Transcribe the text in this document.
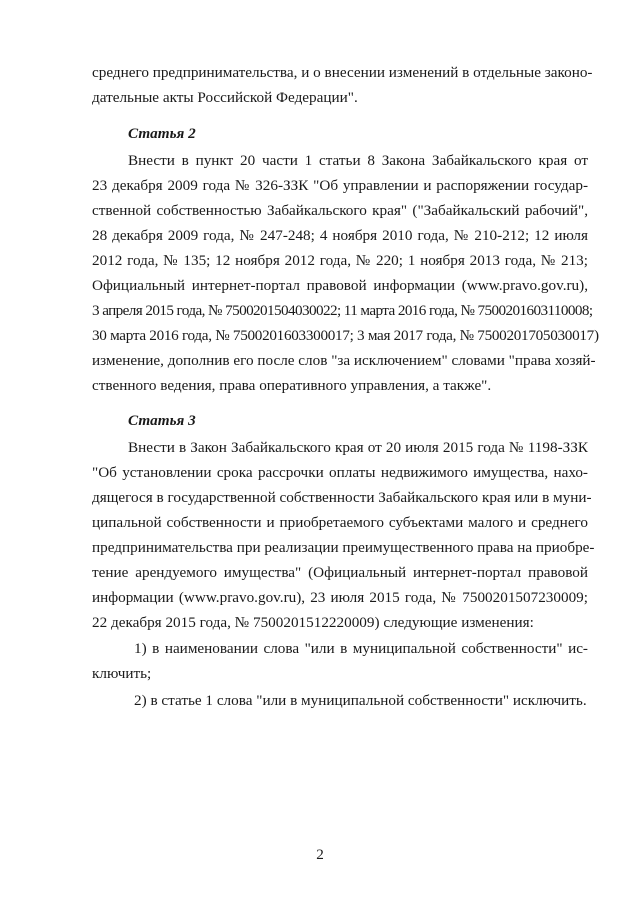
среднего предпринимательства, и о внесении изменений в отдельные законо-
дательные акты Российской Федерации".
Статья 2
Внести в пункт 20 части 1 статьи 8 Закона Забайкальского края от
23 декабря 2009 года № 326-ЗЗК "Об управлении и распоряжении государ-
ственной собственностью Забайкальского края" ("Забайкальский рабочий",
28 декабря 2009 года, № 247-248; 4 ноября 2010 года, № 210-212; 12 июля
2012 года, № 135; 12 ноября 2012 года, № 220; 1 ноября 2013 года, № 213;
Официальный интернет-портал правовой информации (www.pravo.gov.ru),
3 апреля 2015 года, № 7500201504030022; 11 марта 2016 года, № 7500201603110008;
30 марта 2016 года, № 7500201603300017; 3 мая 2017 года, № 7500201705030017)
изменение, дополнив его после слов "за исключением" словами "права хозяй-
ственного ведения, права оперативного управления, а также".
Статья 3
Внести в Закон Забайкальского края от 20 июля 2015 года № 1198-ЗЗК
"Об установлении срока рассрочки оплаты недвижимого имущества, нахо-
дящегося в государственной собственности Забайкальского края или в муни-
ципальной собственности и приобретаемого субъектами малого и среднего
предпринимательства при реализации преимущественного права на приобре-
тение арендуемого имущества" (Официальный интернет-портал правовой
информации (www.pravo.gov.ru), 23 июля 2015 года, № 7500201507230009;
22 декабря 2015 года, № 7500201512220009) следующие изменения:
1) в наименовании слова "или в муниципальной собственности" ис-
ключить;
2) в статье 1 слова "или в муниципальной собственности" исключить.
2
